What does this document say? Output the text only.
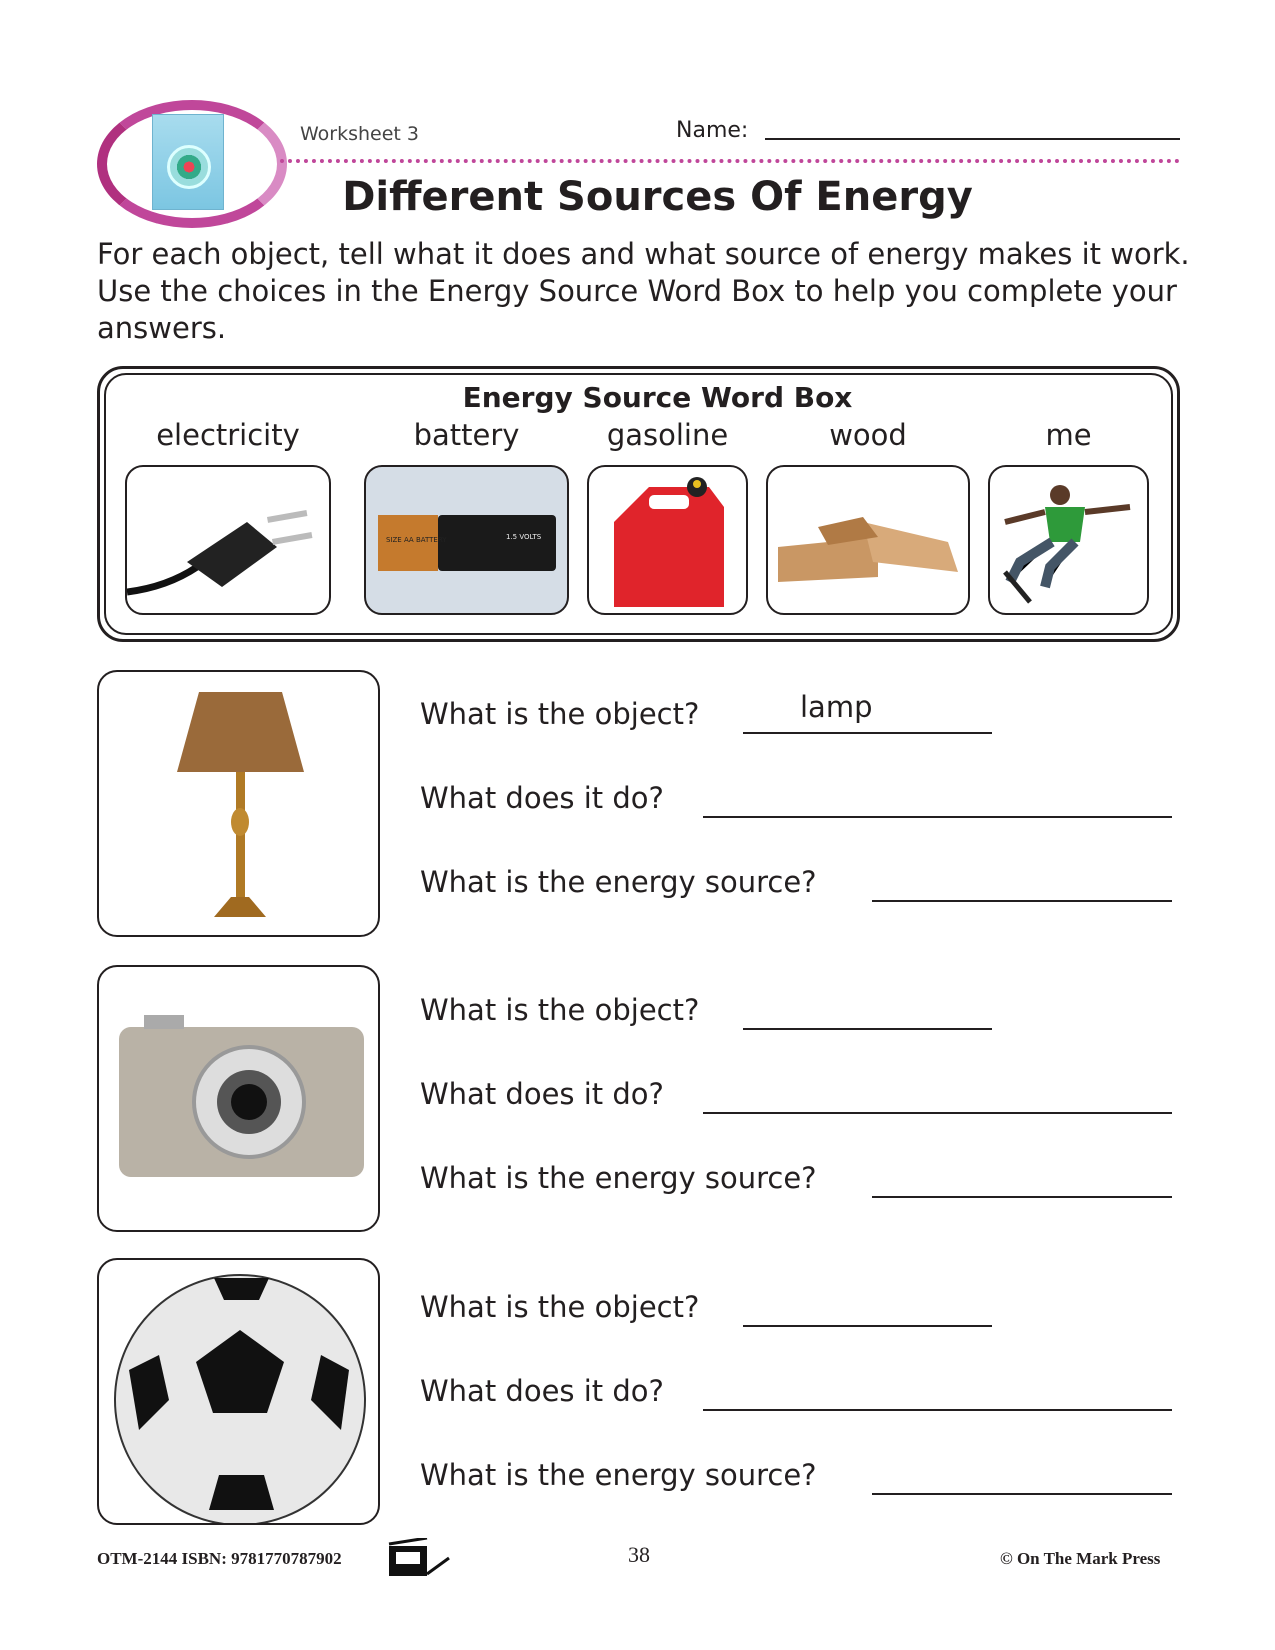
Worksheet 3	Name:
Different Sources Of Energy
For each object, tell what it does and what source of energy makes it work. Use the choices in the Energy Source Word Box to help you complete your answers.
Energy Source Word Box
electricity	battery	gasoline	wood	me
SIZE AA BATTERY	1.5 VOLTS
What is the object?	lamp
What does it do?
What is the energy source?
What is the object?
What does it do?
What is the energy source?
What is the object?
What does it do?
What is the energy source?
OTM-2144 ISBN: 9781770787902	38	© On The Mark Press
